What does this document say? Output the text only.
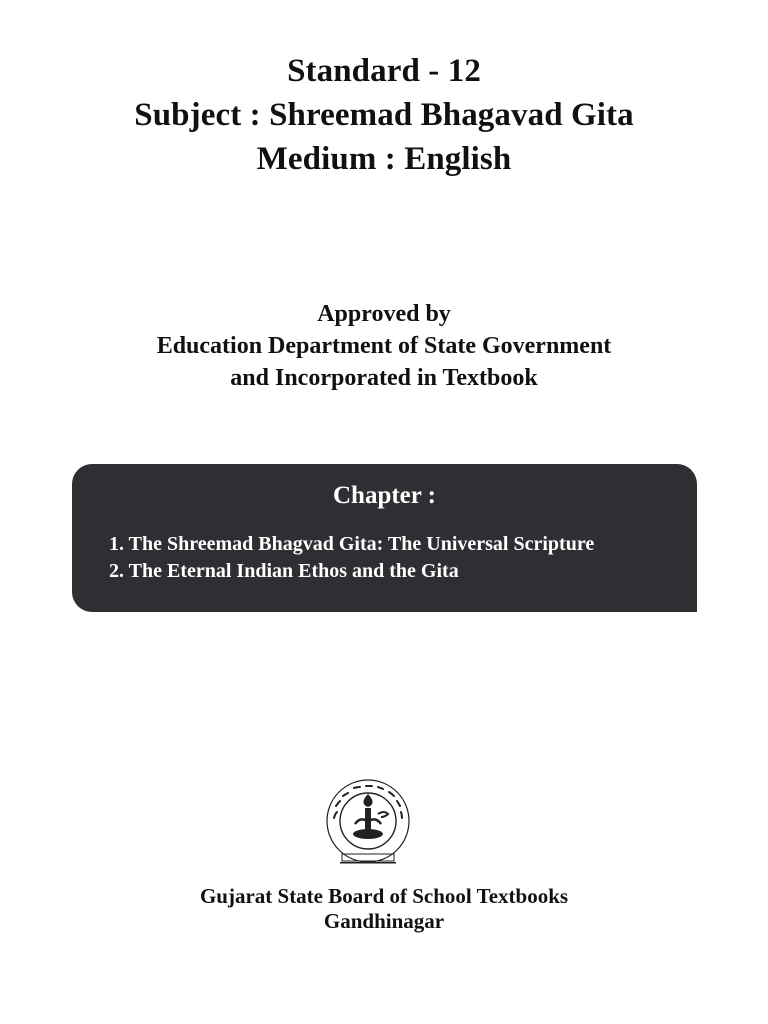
Standard - 12
Subject : Shreemad Bhagavad Gita
Medium : English
Approved by
Education Department of State Government
and Incorporated in Textbook
Chapter :
1. The Shreemad Bhagvad Gita: The Universal Scripture
2. The Eternal Indian Ethos and the Gita
Gujarat State Board of School Textbooks
Gandhinagar
